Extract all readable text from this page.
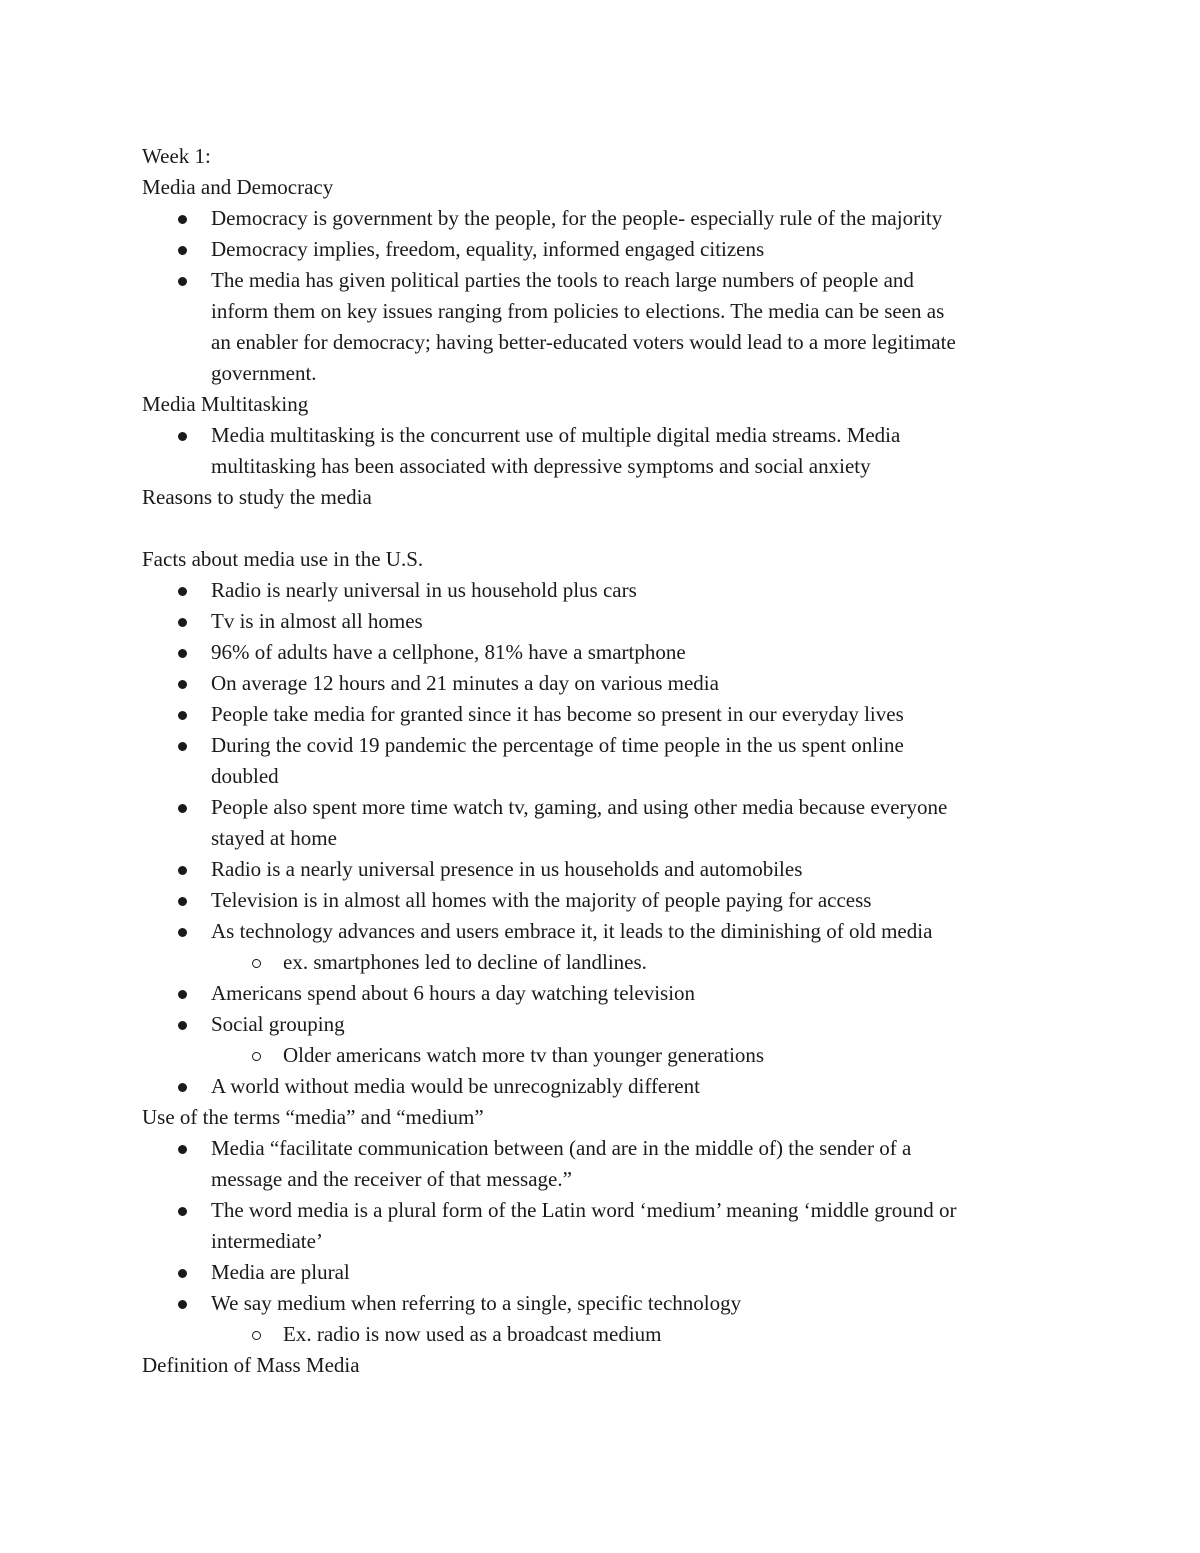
Week 1:
Media and Democracy
Democracy is government by the people, for the people- especially rule of the majority
Democracy implies, freedom, equality, informed engaged citizens
The media has given political parties the tools to reach large numbers of people and
inform them on key issues ranging from policies to elections. The media can be seen as
an enabler for democracy; having better-educated voters would lead to a more legitimate
government.
Media Multitasking
Media multitasking is the concurrent use of multiple digital media streams. Media
multitasking has been associated with depressive symptoms and social anxiety
Reasons to study the media
Facts about media use in the U.S.
Radio is nearly universal in us household plus cars
Tv is in almost all homes
96% of adults have a cellphone, 81% have a smartphone
On average 12 hours and 21 minutes a day on various media
People take media for granted since it has become so present in our everyday lives
During the covid 19 pandemic the percentage of time people in the us spent online
doubled
People also spent more time watch tv, gaming, and using other media because everyone
stayed at home
Radio is a nearly universal presence in us households and automobiles
Television is in almost all homes with the majority of people paying for access
As technology advances and users embrace it, it leads to the diminishing of old media
ex. smartphones led to decline of landlines.
Americans spend about 6 hours a day watching television
Social grouping
Older americans watch more tv than younger generations
A world without media would be unrecognizably different
Use of the terms “media” and “medium”
Media “facilitate communication between (and are in the middle of) the sender of a
message and the receiver of that message.”
The word media is a plural form of the Latin word ‘medium’ meaning ‘middle ground or
intermediate’
Media are plural
We say medium when referring to a single, specific technology
Ex. radio is now used as a broadcast medium
Definition of Mass Media
